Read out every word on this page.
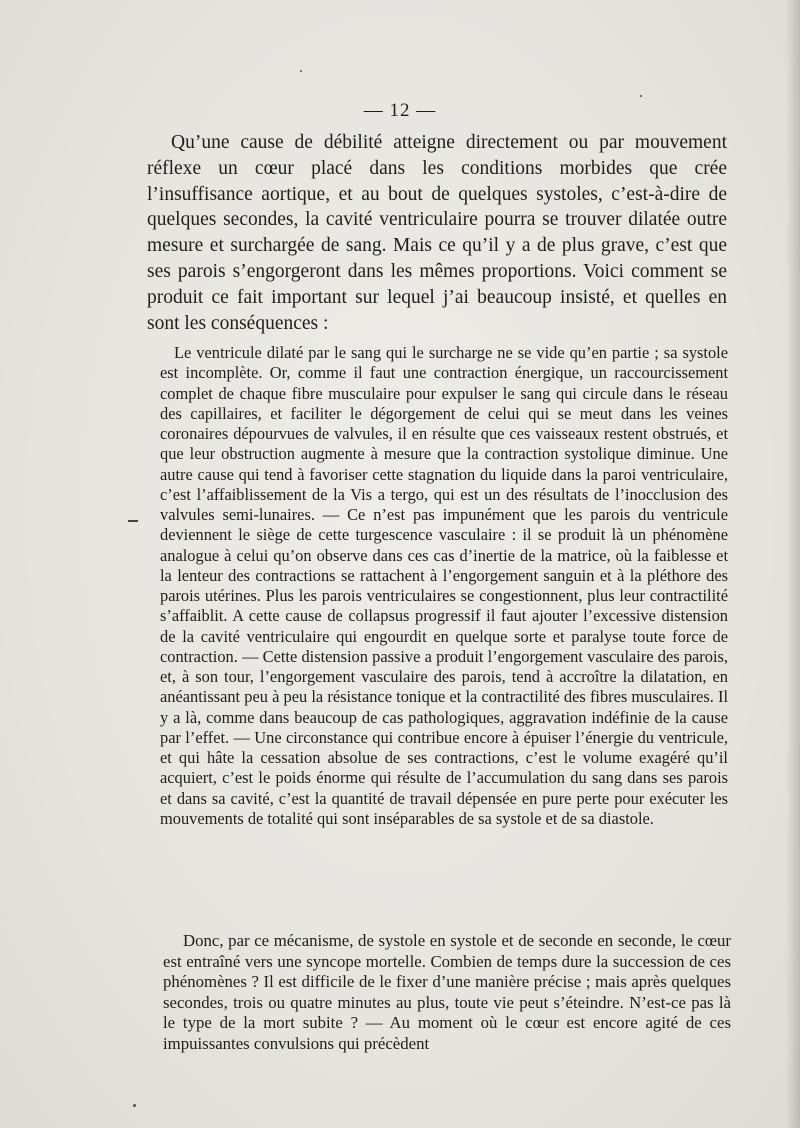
— 12 —

Qu’une cause de débilité atteigne directement ou par mouvement réflexe un cœur placé dans les conditions morbides que crée l’insuffisance aortique, et au bout de quelques systoles, c’est-à-dire de quelques secondes, la cavité ventriculaire pourra se trouver dilatée outre mesure et surchargée de sang. Mais ce qu’il y a de plus grave, c’est que ses parois s’engorgeront dans les mêmes proportions. Voici comment se produit ce fait important sur lequel j’ai beaucoup insisté, et quelles en sont les conséquences :

Le ventricule dilaté par le sang qui le surcharge ne se vide qu’en partie ; sa systole est incomplète. Or, comme il faut une contraction énergique, un raccourcissement complet de chaque fibre musculaire pour expulser le sang qui circule dans le réseau des capillaires, et faciliter le dégorgement de celui qui se meut dans les veines coronaires dépourvues de valvules, il en résulte que ces vaisseaux restent obstrués, et que leur obstruction augmente à mesure que la contraction systolique diminue. Une autre cause qui tend à favoriser cette stagnation du liquide dans la paroi ventriculaire, c’est l’affaiblissement de la Vis a tergo, qui est un des résultats de l’inocclusion des valvules semi-lunaires. — Ce n’est pas impunément que les parois du ventricule deviennent le siège de cette turgescence vasculaire : il se produit là un phénomène analogue à celui qu’on observe dans ces cas d’inertie de la matrice, où la faiblesse et la lenteur des contractions se rattachent à l’engorgement sanguin et à la pléthore des parois utérines. Plus les parois ventriculaires se congestionnent, plus leur contractilité s’affaiblit. A cette cause de collapsus progressif il faut ajouter l’excessive distension de la cavité ventriculaire qui engourdit en quelque sorte et paralyse toute force de contraction. — Cette distension passive a produit l’engorgement vasculaire des parois, et, à son tour, l’engorgement vasculaire des parois, tend à accroître la dilatation, en anéantissant peu à peu la résistance tonique et la contractilité des fibres musculaires. Il y a là, comme dans beaucoup de cas pathologiques, aggravation indéfinie de la cause par l’effet. — Une circonstance qui contribue encore à épuiser l’énergie du ventricule, et qui hâte la cessation absolue de ses contractions, c’est le volume exagéré qu’il acquiert, c’est le poids énorme qui résulte de l’accumulation du sang dans ses parois et dans sa cavité, c’est la quantité de travail dépensée en pure perte pour exécuter les mouvements de totalité qui sont inséparables de sa systole et de sa diastole.

Donc, par ce mécanisme, de systole en systole et de seconde en seconde, le cœur est entraîné vers une syncope mortelle. Combien de temps dure la succession de ces phénomènes ? Il est difficile de le fixer d’une manière précise ; mais après quelques secondes, trois ou quatre minutes au plus, toute vie peut s’éteindre. N’est-ce pas là le type de la mort subite ? — Au moment où le cœur est encore agité de ces impuissantes convulsions qui précèdent
